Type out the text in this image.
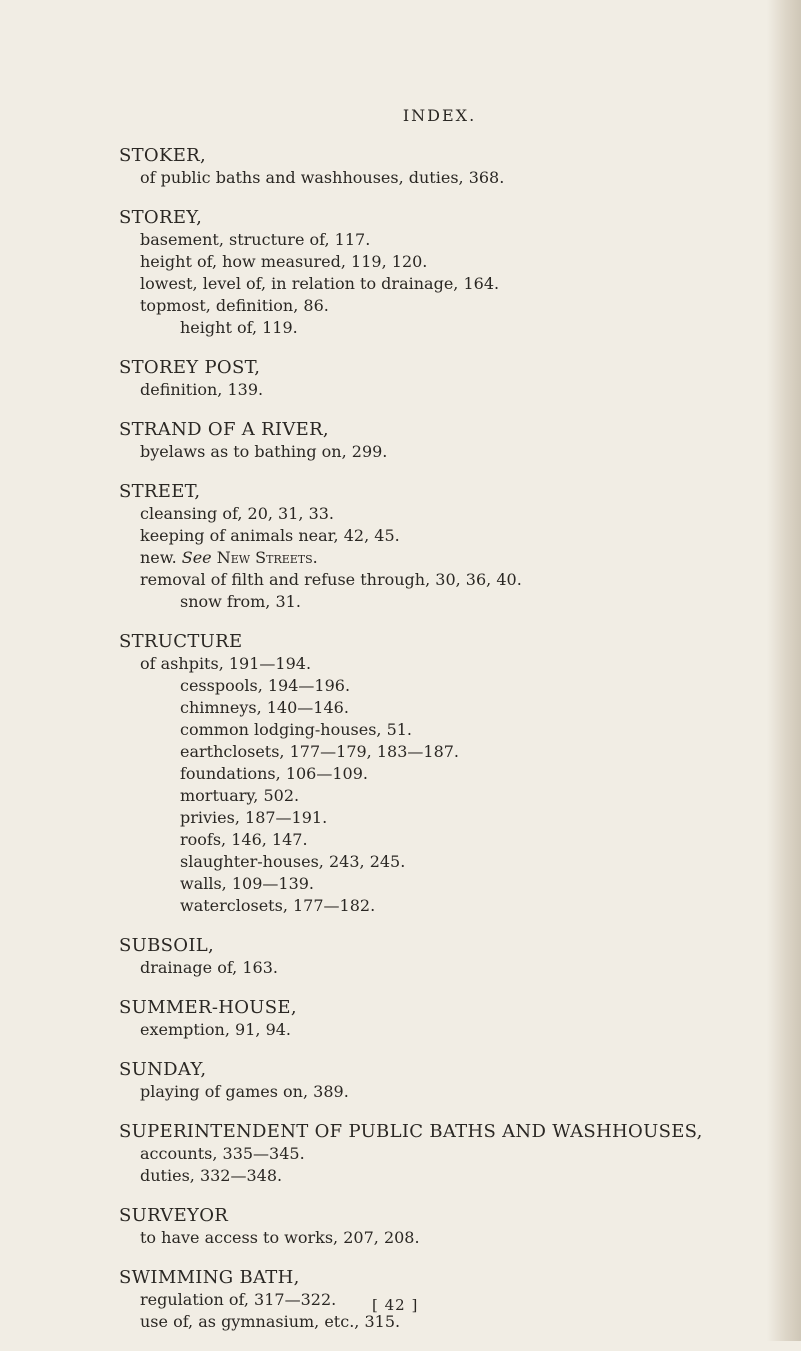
INDEX.
STOKER,
of public baths and washhouses, duties, 368.
STOREY,
basement, structure of, 117.
height of, how measured, 119, 120.
lowest, level of, in relation to drainage, 164.
topmost, definition, 86.
height of, 119.
STOREY POST,
definition, 139.
STRAND OF A RIVER,
byelaws as to bathing on, 299.
STREET,
cleansing of, 20, 31, 33.
keeping of animals near, 42, 45.
new. See New Streets.
removal of filth and refuse through, 30, 36, 40.
snow from, 31.
STRUCTURE
of ashpits, 191—194.
cesspools, 194—196.
chimneys, 140—146.
common lodging-houses, 51.
earthclosets, 177—179, 183—187.
foundations, 106—109.
mortuary, 502.
privies, 187—191.
roofs, 146, 147.
slaughter-houses, 243, 245.
walls, 109—139.
waterclosets, 177—182.
SUBSOIL,
drainage of, 163.
SUMMER-HOUSE,
exemption, 91, 94.
SUNDAY,
playing of games on, 389.
SUPERINTENDENT OF PUBLIC BATHS AND WASHHOUSES,
accounts, 335—345.
duties, 332—348.
SURVEYOR
to have access to works, 207, 208.
SWIMMING BATH,
regulation of, 317—322.
use of, as gymnasium, etc., 315.
[ 42 ]
